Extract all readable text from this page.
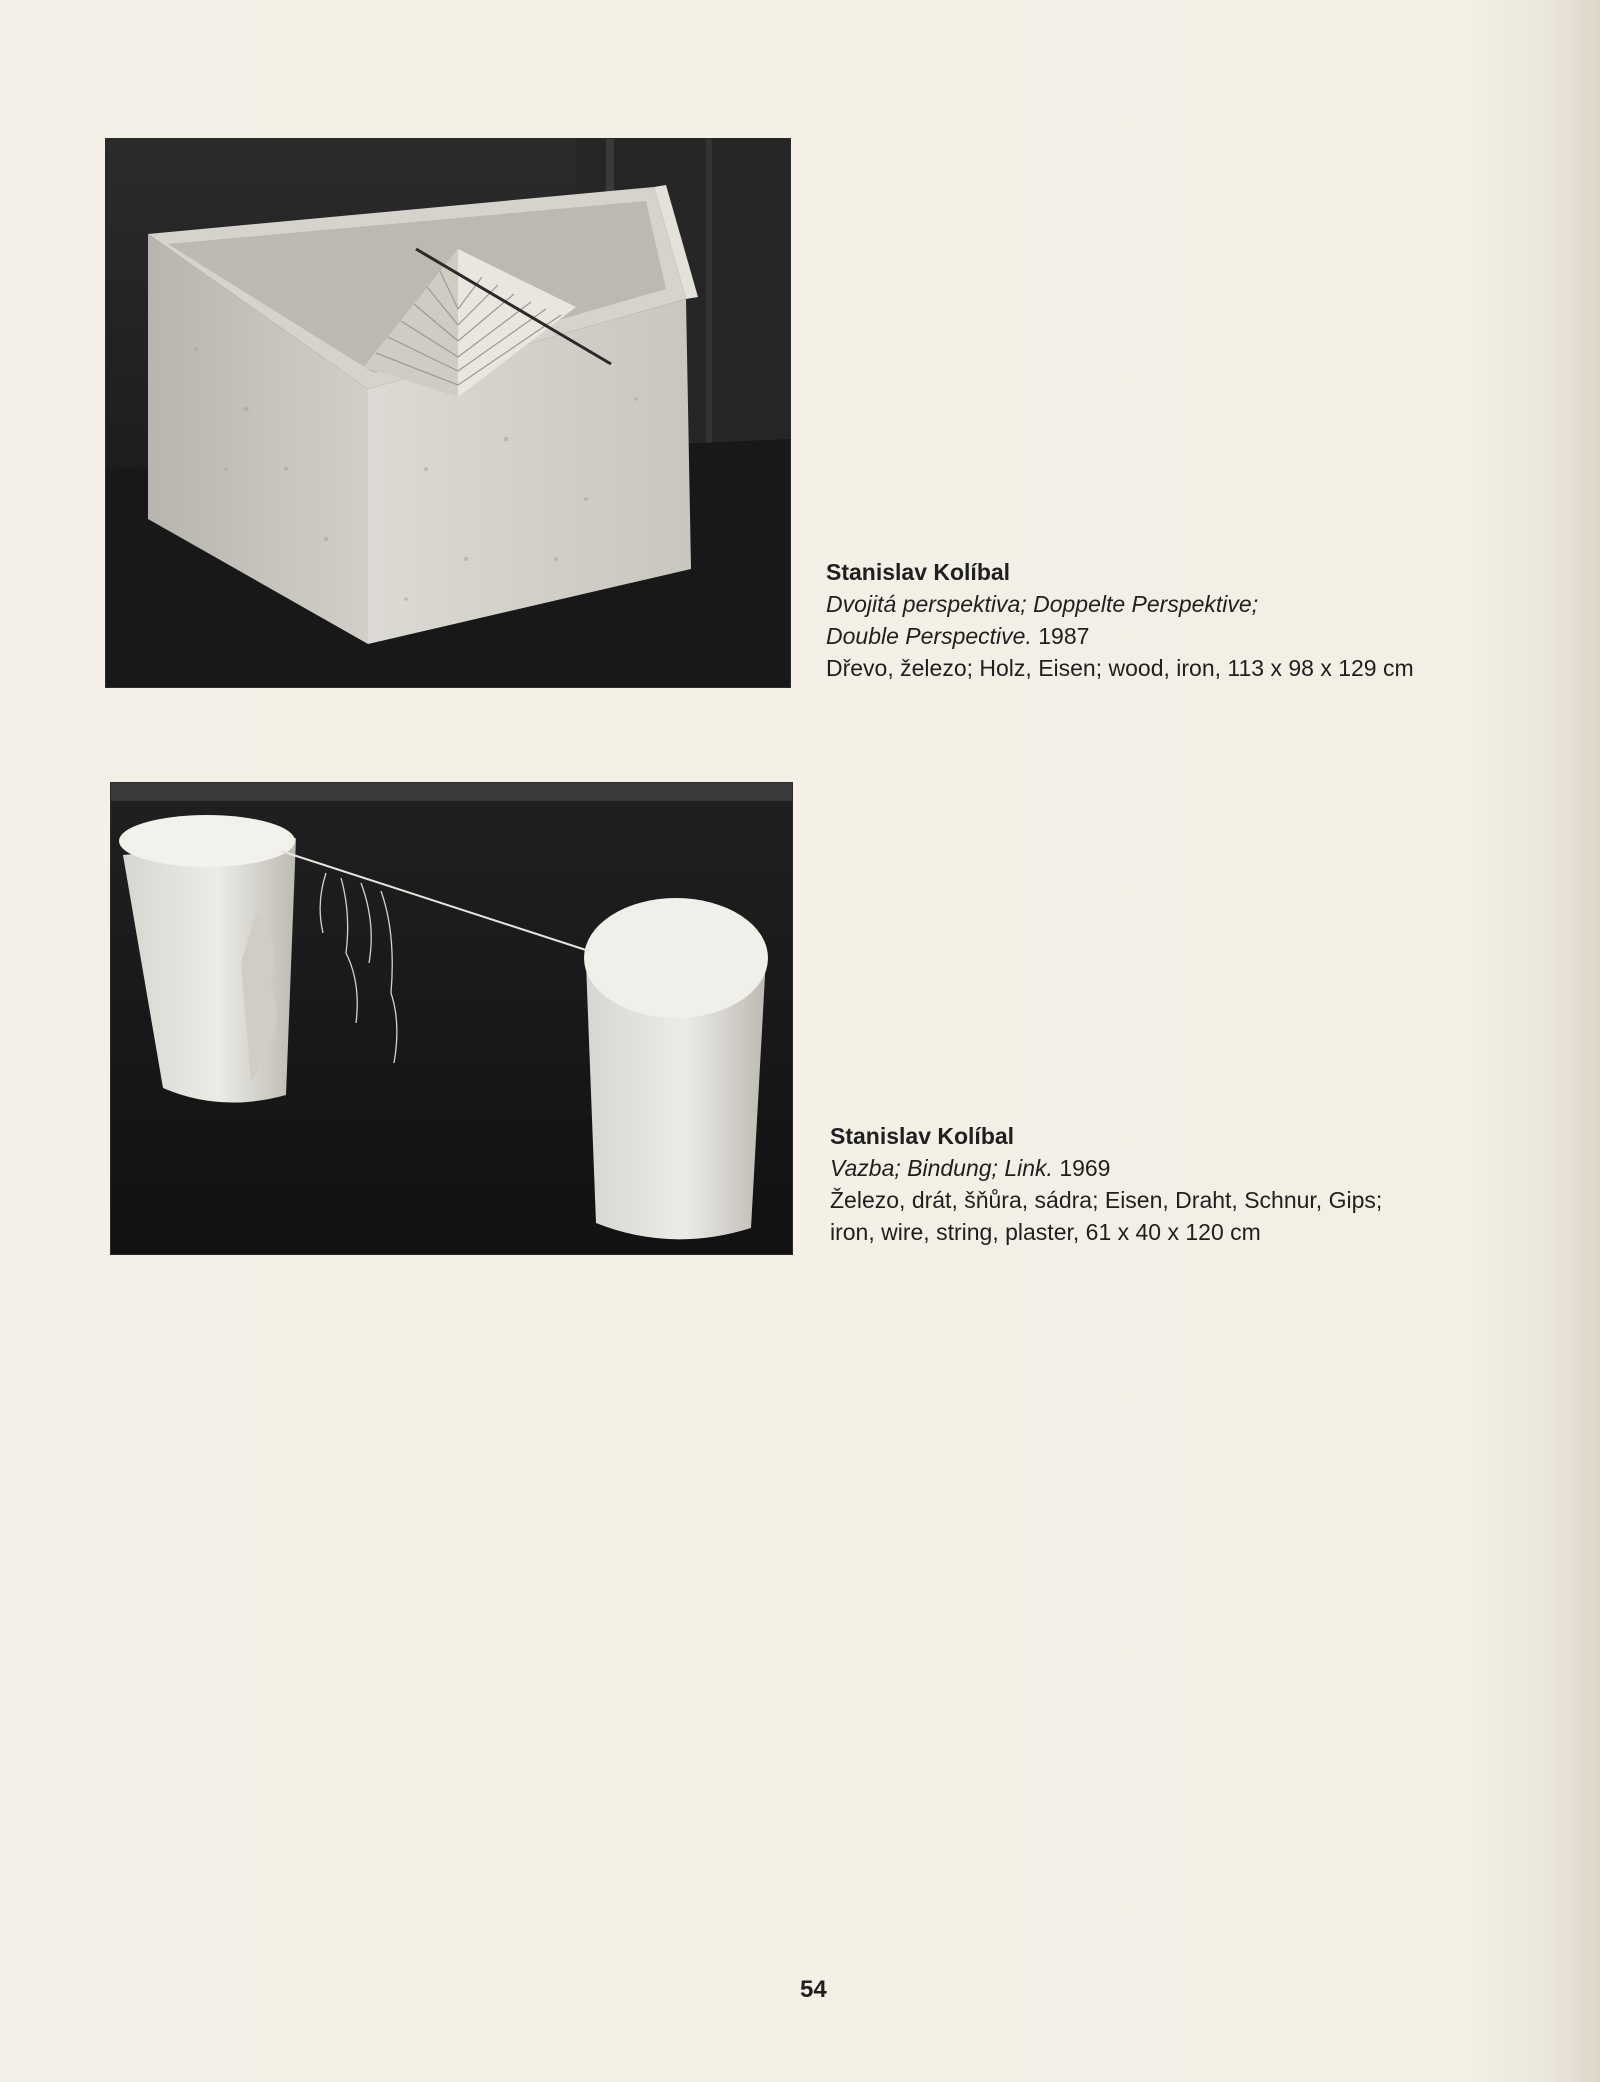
Stanislav Kolíbal
Dvojitá perspektiva; Doppelte Perspektive;
Double Perspective. 1987
Dřevo, železo; Holz, Eisen; wood, iron, 113 x 98 x 129 cm
Stanislav Kolíbal
Vazba; Bindung; Link. 1969
Železo, drát, šňůra, sádra; Eisen, Draht, Schnur, Gips;
iron, wire, string, plaster, 61 x 40 x 120 cm
54
